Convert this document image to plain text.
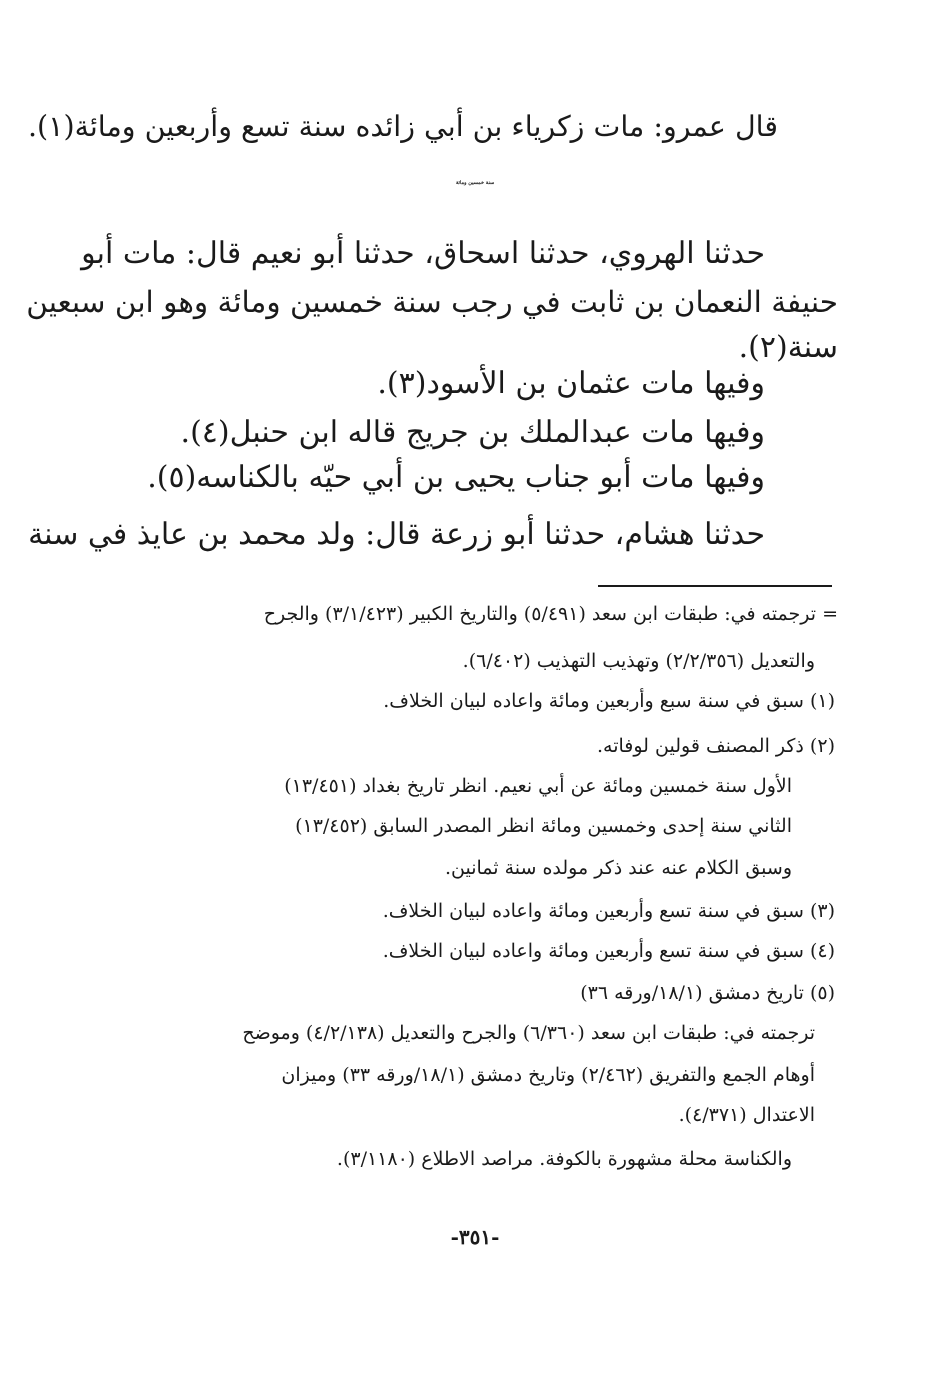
قال عمرو: مات زكرياء بن أبي زائده سنة تسع وأربعين ومائة(١).
سنة خمسين ومائة
حدثنا الهروي، حدثنا اسحاق، حدثنا أبو نعيم قال: مات أبو
حنيفة النعمان بن ثابت في رجب سنة خمسين ومائة وهو ابن سبعين
سنة(٢).
وفيها مات عثمان بن الأسود(٣).
وفيها مات عبدالملك بن جريج قاله ابن حنبل(٤).
وفيها مات أبو جناب يحيى بن أبي حيّه بالكناسه(٥).
حدثنا هشام، حدثنا أبو زرعة قال: ولد محمد بن عايذ في سنة
= ترجمته في: طبقات ابن سعد (٥/٤٩١) والتاريخ الكبير (٣/١/٤٢٣) والجرح
والتعديل (٢/٢/٣٥٦) وتهذيب التهذيب (٦/٤٠٢).
(١) سبق في سنة سبع وأربعين ومائة واعاده لبيان الخلاف.
(٢) ذكر المصنف قولين لوفاته.
الأول سنة خمسين ومائة عن أبي نعيم. انظر تاريخ بغداد (١٣/٤٥١)
الثاني سنة إحدى وخمسين ومائة انظر المصدر السابق (١٣/٤٥٢)
وسبق الكلام عنه عند ذكر مولده سنة ثمانين.
(٣) سبق في سنة تسع وأربعين ومائة واعاده لبيان الخلاف.
(٤) سبق في سنة تسع وأربعين ومائة واعاده لبيان الخلاف.
(٥) تاريخ دمشق (١٨/١/ورقه ٣٦)
ترجمته في: طبقات ابن سعد (٦/٣٦٠) والجرح والتعديل (٤/٢/١٣٨) وموضح
أوهام الجمع والتفريق (٢/٤٦٢) وتاريخ دمشق (١٨/١/ورقه ٣٣) وميزان
الاعتدال (٤/٣٧١).
والكناسة محلة مشهورة بالكوفة. مراصد الاطلاع (٣/١١٨٠).
-٣٥١-
